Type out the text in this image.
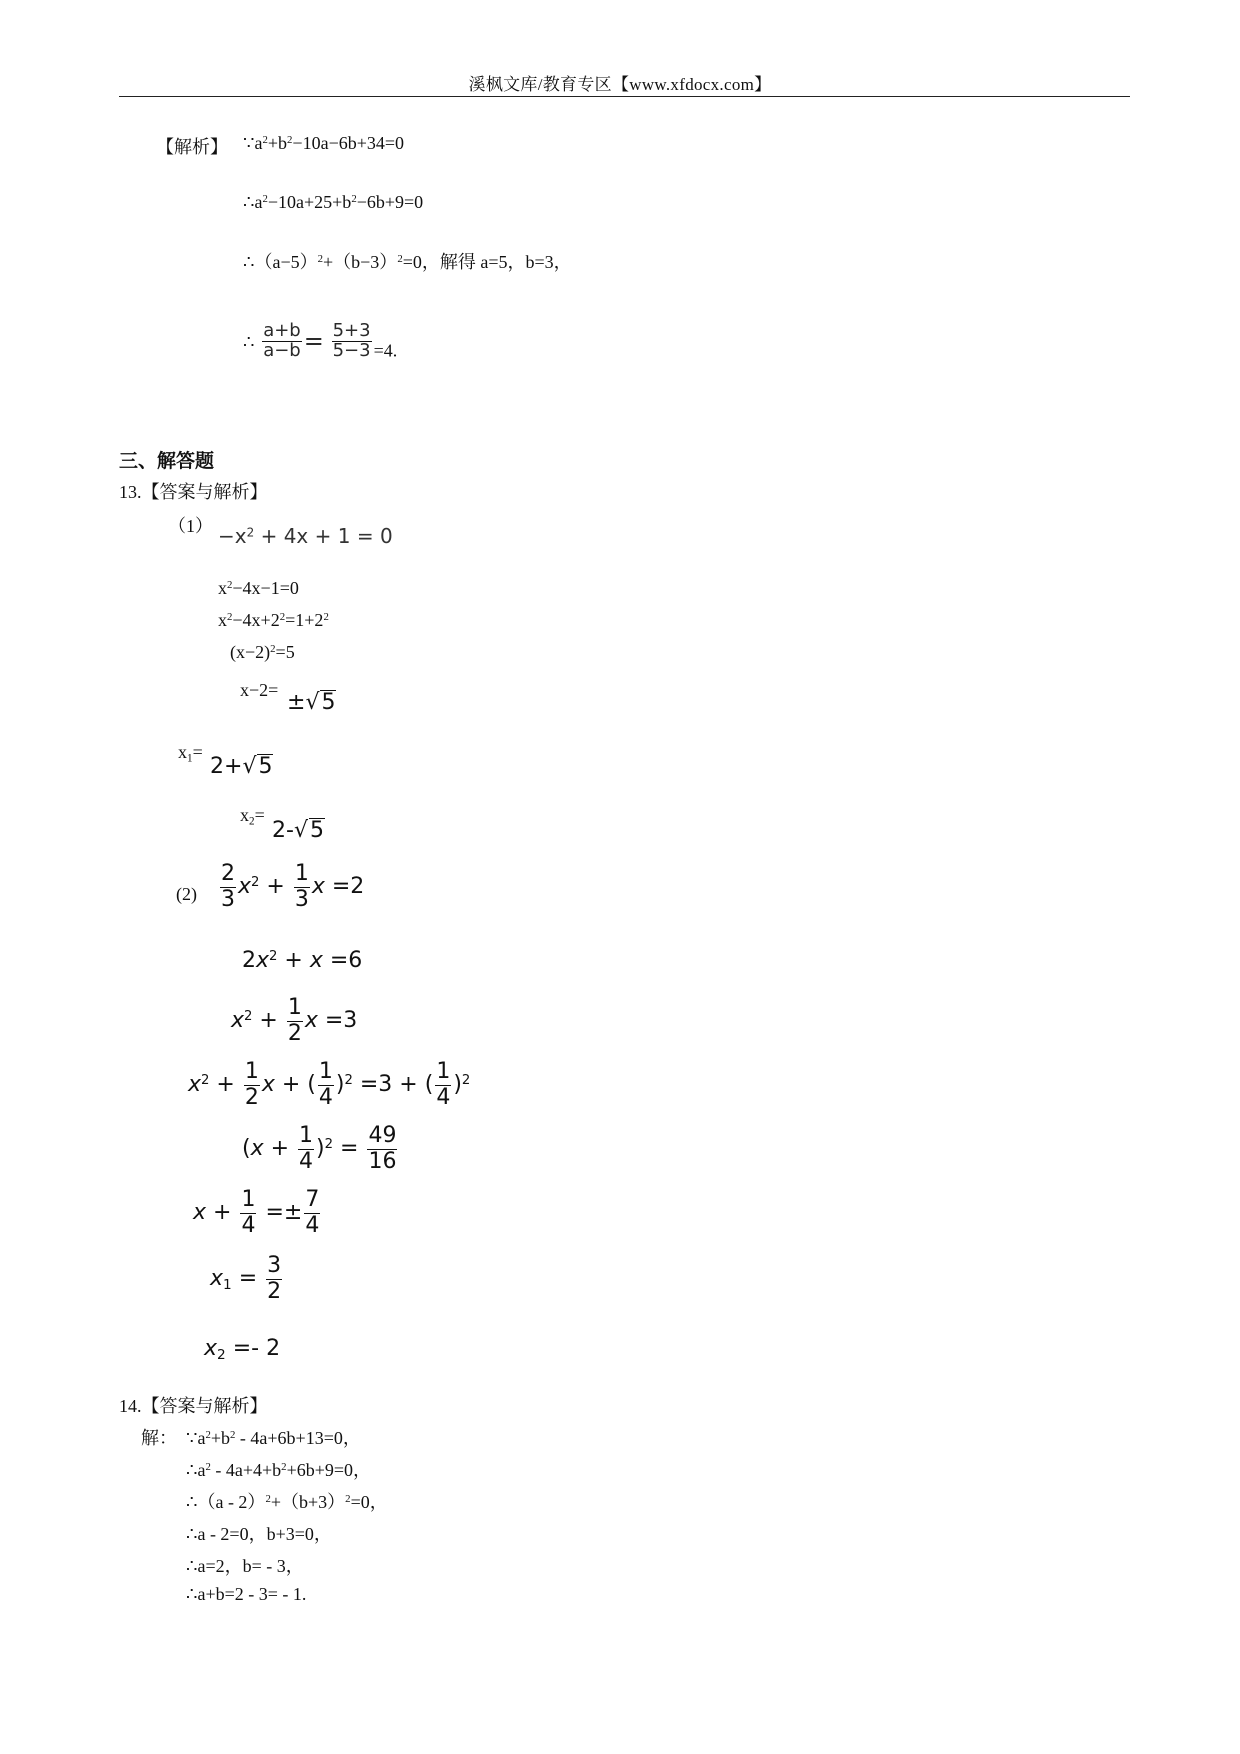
溪枫文库/教育专区【www.xfdocx.com】
【解析】 $\because a^2+b^2-10a-6b+34=0$
$\therefore a^2-10a+25+b^2-6b+9=0$
$\therefore(a-5)^2+(b-3)^2=0$，解得 a=5，b=3，
∴ $\frac{a+b}{a-b} = \frac{5+3}{5-3} =4$.
三、解答题
13.【答案与解析】
$(1) -x^2 + 4x + 1 = 0$
$x^2-4x-1=0$
$x^2-4x+2^2=1+2^2$
$(x-2)^2=5$
x−2= ±√5
$x_1=$
2+√5
$x_2=$
2-√5
$(2) \frac{2}{3} x^2 + \frac{1}{3}$ x =2
$2x^2 + x =6$
$x^2 + \frac{1}{2}$ x =3
$x^2 + \frac{1}{2}$ x + ( $\frac{1}{4} )^2 =3$ + ( $\frac{1}{4} )^2$
$(x + \frac{1}{4} )^2 = \frac{49}{16}$
$x + \frac{1}{4} =\pm \frac{7}{4}$
$x_1 = \frac{3}{2}$
$x_2 =- 2$
14.【答案与解析】
解： $\because a^2+b^2 - 4a+6b+13=0$，
$\therefore a^2 - 4a+4+b^2+6b+9=0$，
∴（a - $2)^2+(b+3)^2=0$，
∴a - 2=0，b+3=0，
∴a=2，b= - 3，
∴a+b=2 - 3= - 1.
